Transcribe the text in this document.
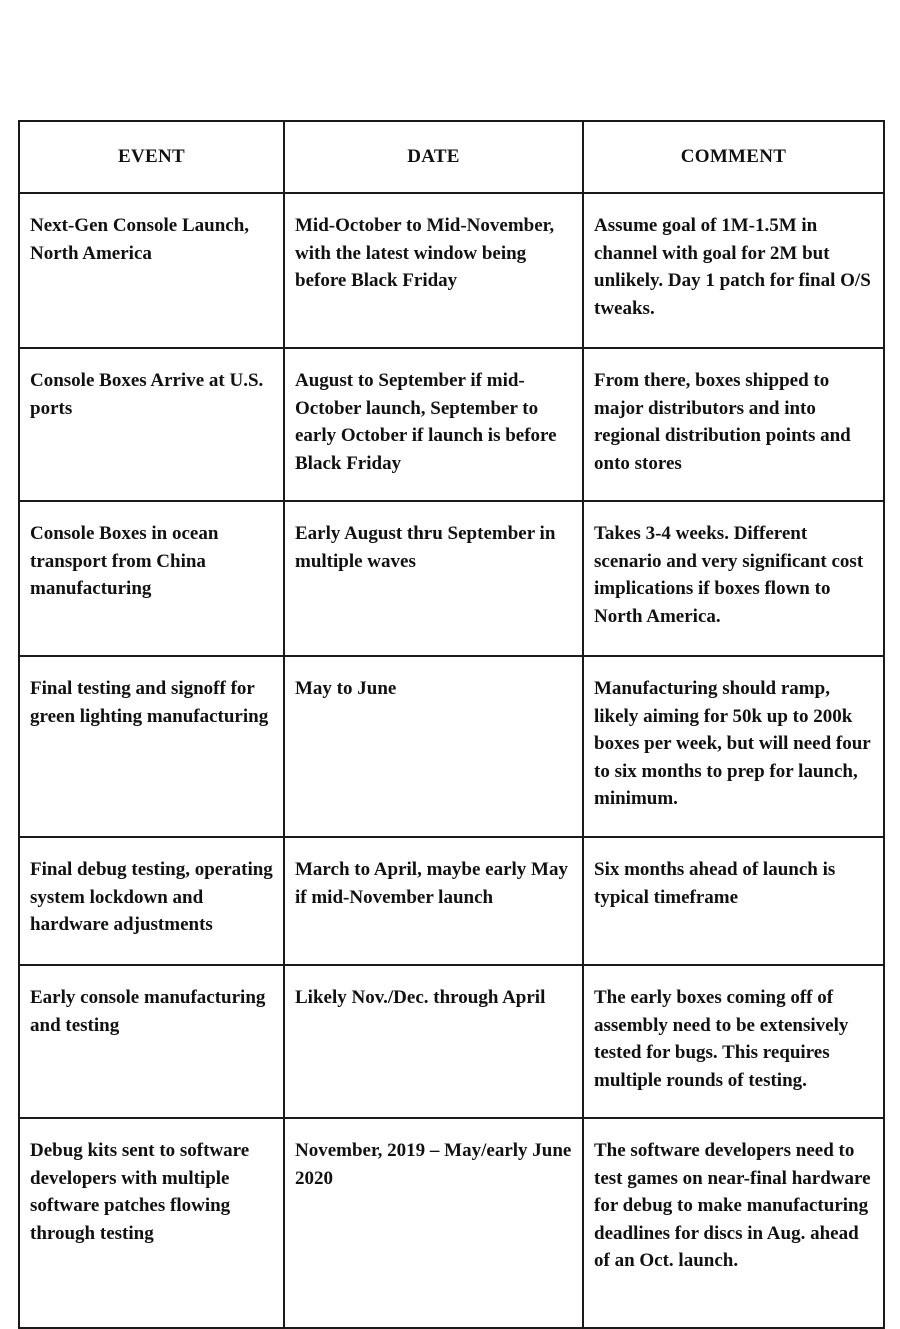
EVENT	DATE	COMMENT
Next-Gen Console Launch, North America	Mid-October to Mid-November, with the latest window being before Black Friday	Assume goal of 1M-1.5M in channel with goal for 2M but unlikely. Day 1 patch for final O/S tweaks.
Console Boxes Arrive at U.S. ports	August to September if mid-October launch, September to early October if launch is before Black Friday	From there, boxes shipped to major distributors and into regional distribution points and onto stores
Console Boxes in ocean transport from China manufacturing	Early August thru September in multiple waves	Takes 3-4 weeks. Different scenario and very significant cost implications if boxes flown to North America.
Final testing and signoff for green lighting manufacturing	May to June	Manufacturing should ramp, likely aiming for 50k up to 200k boxes per week, but will need four to six months to prep for launch, minimum.
Final debug testing, operating system lockdown and hardware adjustments	March to April, maybe early May if mid-November launch	Six months ahead of launch is typical timeframe
Early console manufacturing and testing	Likely Nov./Dec. through April	The early boxes coming off of assembly need to be extensively tested for bugs. This requires multiple rounds of testing.
Debug kits sent to software developers with multiple software patches flowing through testing	November, 2019 – May/early June 2020	The software developers need to test games on near-final hardware for debug to make manufacturing deadlines for discs in Aug. ahead of an Oct. launch.
